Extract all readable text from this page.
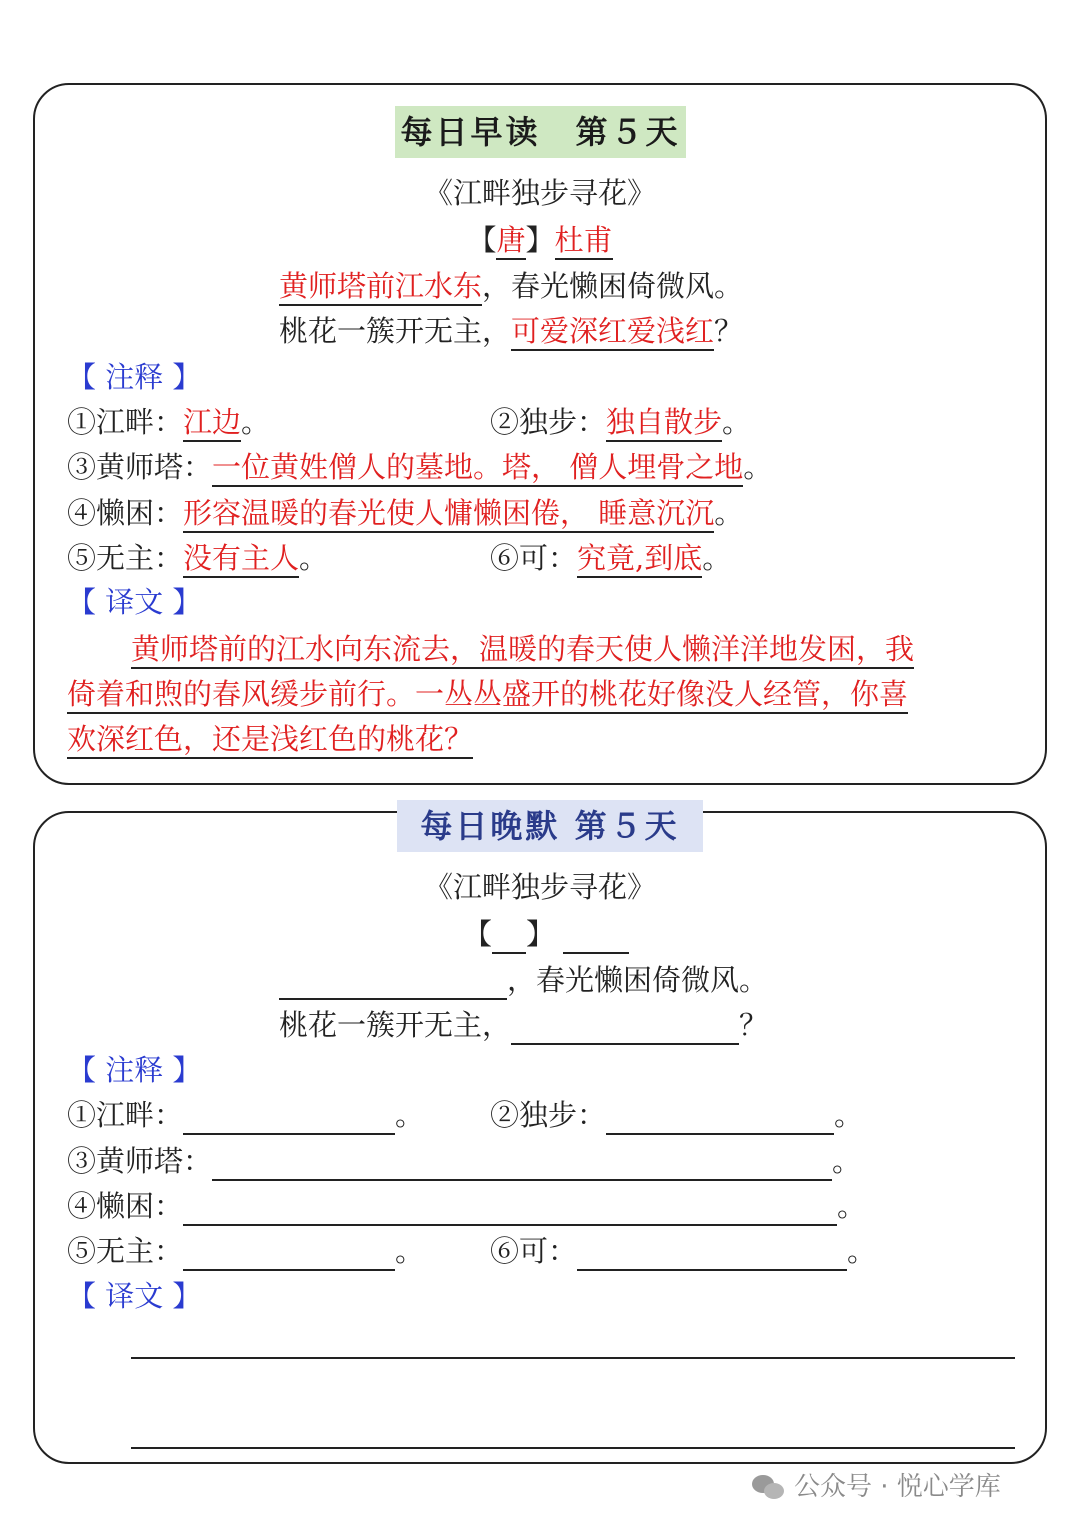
每日早读　第５天
《江畔独步寻花》
【唐】杜甫
黄师塔前江水东，春光懒困倚微风。
桃花一簇开无主，可爱深红爱浅红？
【 注释 】
①江畔：江边。	②独步：独自散步。
③黄师塔：一位黄姓僧人的墓地。塔， 僧人埋骨之地。
④懒困：形容温暖的春光使人慵懒困倦， 睡意沉沉。
⑤无主：没有主人。	⑥可：究竟,到底。
【 译文 】
黄师塔前的江水向东流去，温暖的春天使人懒洋洋地发困，我
倚着和煦的春风缓步前行。一丛丛盛开的桃花好像没人经管，你喜
欢深红色，还是浅红色的桃花？
每日晚默 第５天
《江畔独步寻花》
【 】
，春光懒困倚微风。
桃花一簇开无主，	？
【 注释 】
①江畔：	。 ②独步：	。
③黄师塔：	。
④懒困：	。
⑤无主：	。 ⑥可：	。
【 译文 】
公众号 · 悦心学库
